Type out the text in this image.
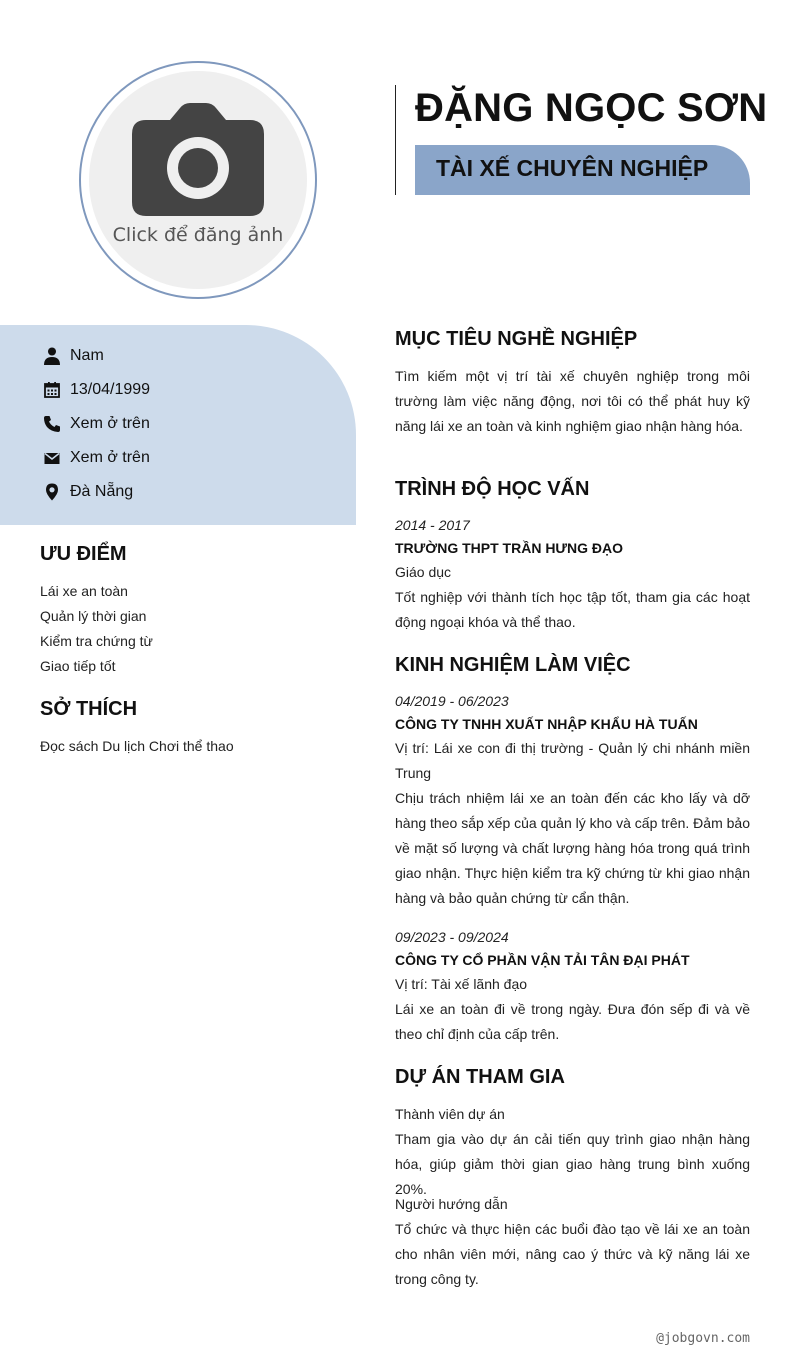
Click để đăng ảnh
ĐẶNG NGỌC SƠN
TÀI XẾ CHUYÊN NGHIỆP
Nam
13/04/1999
Xem ở trên
Xem ở trên
Đà Nẵng
ƯU ĐIỂM
Lái xe an toàn
Quản lý thời gian
Kiểm tra chứng từ
Giao tiếp tốt
SỞ THÍCH
Đọc sách Du lịch Chơi thể thao
MỤC TIÊU NGHỀ NGHIỆP
Tìm kiếm một vị trí tài xế chuyên nghiệp trong môi trường làm việc năng động, nơi tôi có thể phát huy kỹ năng lái xe an toàn và kinh nghiệm giao nhận hàng hóa.
TRÌNH ĐỘ HỌC VẤN
2014 - 2017
TRƯỜNG THPT TRẦN HƯNG ĐẠO
Giáo dục
Tốt nghiệp với thành tích học tập tốt, tham gia các hoạt động ngoại khóa và thể thao.
KINH NGHIỆM LÀM VIỆC
04/2019 - 06/2023
CÔNG TY TNHH XUẤT NHẬP KHẨU HÀ TUẤN
Vị trí: Lái xe con đi thị trường - Quản lý chi nhánh miền Trung
Chịu trách nhiệm lái xe an toàn đến các kho lấy và dỡ hàng theo sắp xếp của quản lý kho và cấp trên. Đảm bảo về mặt số lượng và chất lượng hàng hóa trong quá trình giao nhận. Thực hiện kiểm tra kỹ chứng từ khi giao nhận hàng và bảo quản chứng từ cẩn thận.
09/2023 - 09/2024
CÔNG TY CỔ PHẦN VẬN TẢI TÂN ĐẠI PHÁT
Vị trí: Tài xế lãnh đạo
Lái xe an toàn đi về trong ngày. Đưa đón sếp đi và về theo chỉ định của cấp trên.
DỰ ÁN THAM GIA
Thành viên dự án
Tham gia vào dự án cải tiến quy trình giao nhận hàng hóa, giúp giảm thời gian giao hàng trung bình xuống 20%.
Người hướng dẫn
Tổ chức và thực hiện các buổi đào tạo về lái xe an toàn cho nhân viên mới, nâng cao ý thức và kỹ năng lái xe trong công ty.
@jobgovn.com
